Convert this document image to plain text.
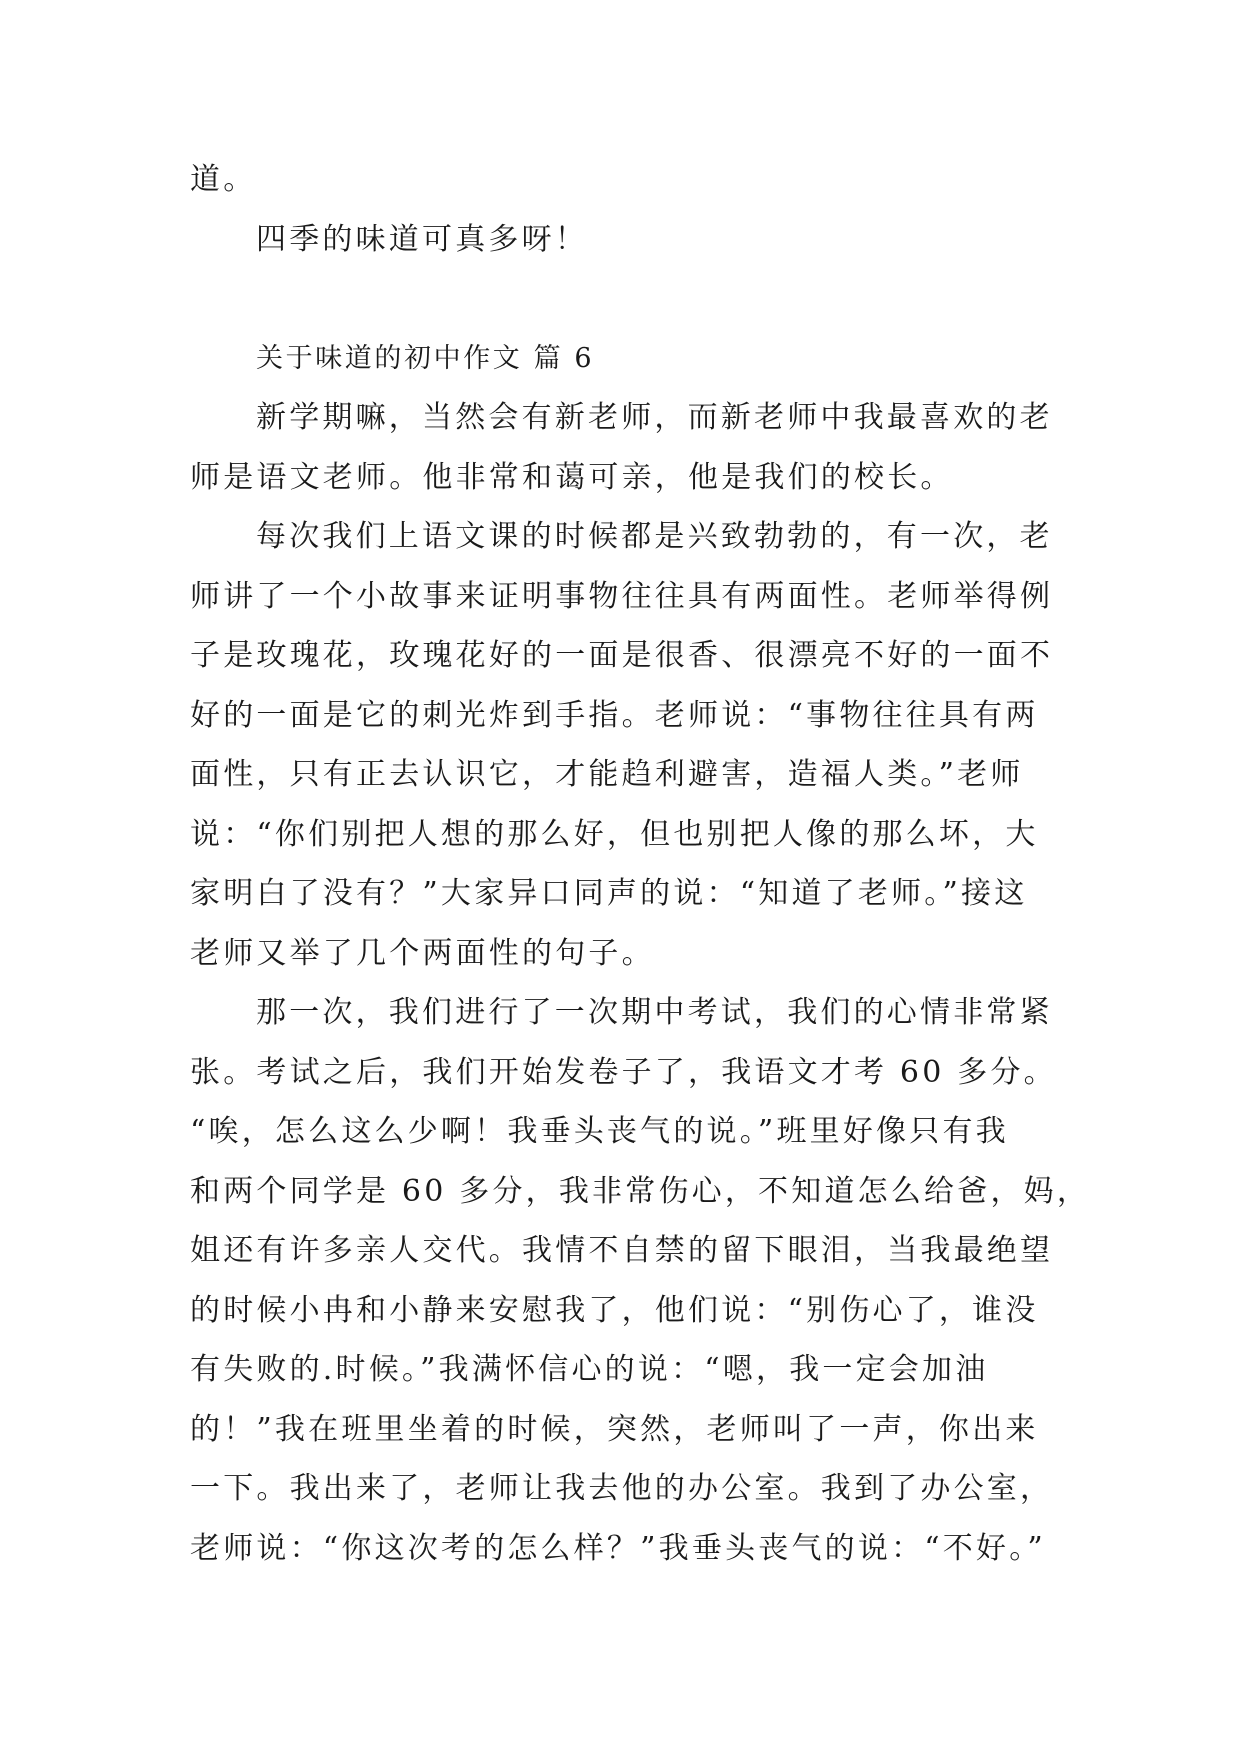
道。
四季的味道可真多呀！
关于味道的初中作文 篇 6
新学期嘛，当然会有新老师，而新老师中我最喜欢的老
师是语文老师。他非常和蔼可亲，他是我们的校长。
每次我们上语文课的时候都是兴致勃勃的，有一次，老
师讲了一个小故事来证明事物往往具有两面性。老师举得例
子是玫瑰花，玫瑰花好的一面是很香、很漂亮不好的一面不
好的一面是它的刺光炸到手指。老师说：“事物往往具有两
面性，只有正去认识它，才能趋利避害，造福人类。”老师
说：“你们别把人想的那么好，但也别把人像的那么坏，大
家明白了没有？”大家异口同声的说：“知道了老师。”接这
老师又举了几个两面性的句子。
那一次，我们进行了一次期中考试，我们的心情非常紧
张。考试之后，我们开始发卷子了，我语文才考 60 多分。
“唉，怎么这么少啊！我垂头丧气的说。”班里好像只有我
和两个同学是 60 多分，我非常伤心，不知道怎么给爸，妈，
姐还有许多亲人交代。我情不自禁的留下眼泪，当我最绝望
的时候小冉和小静来安慰我了，他们说：“别伤心了，谁没
有失败的.时候。”我满怀信心的说：“嗯，我一定会加油
的！”我在班里坐着的时候，突然，老师叫了一声，你出来
一下。我出来了，老师让我去他的办公室。我到了办公室，
老师说：“你这次考的怎么样？”我垂头丧气的说：“不好。”
